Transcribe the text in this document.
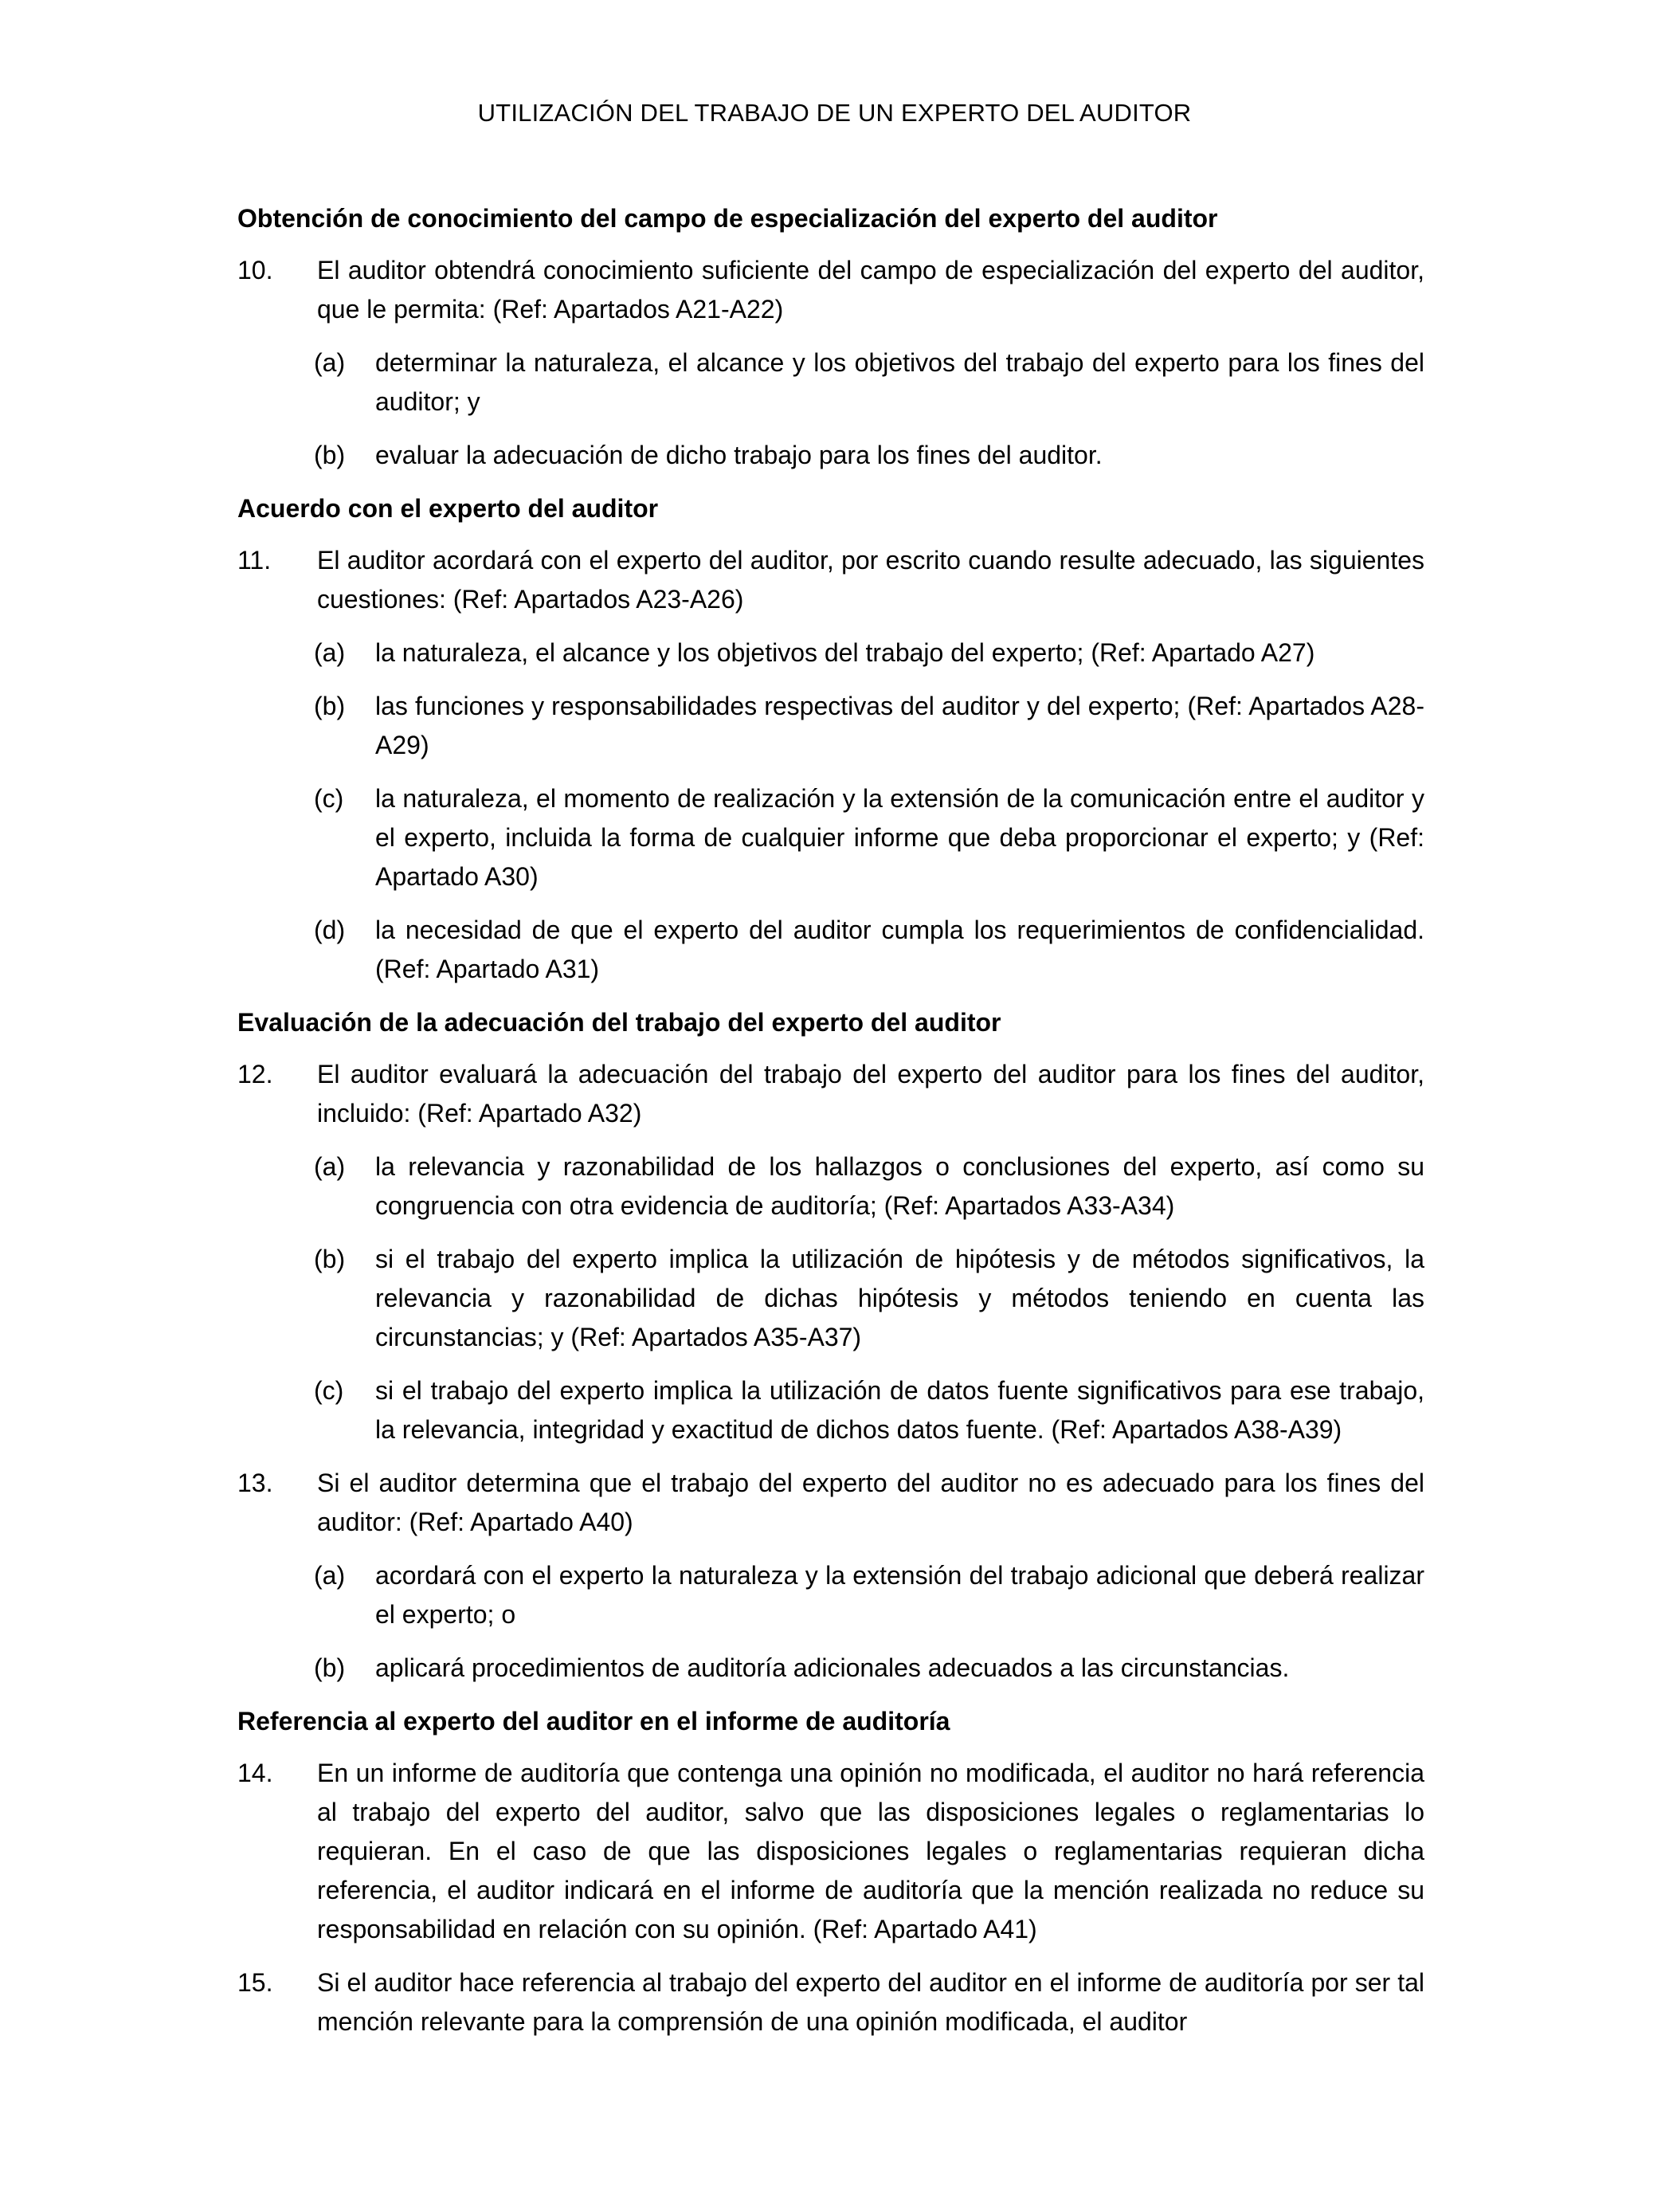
UTILIZACIÓN DEL TRABAJO DE UN EXPERTO DEL AUDITOR
Obtención de conocimiento del campo de especialización del experto del auditor
10. El auditor obtendrá conocimiento suficiente del campo de especialización del experto del auditor, que le permita: (Ref: Apartados A21-A22)
(a) determinar la naturaleza, el alcance y los objetivos del trabajo del experto para los fines del auditor; y
(b) evaluar la adecuación de dicho trabajo para los fines del auditor.
Acuerdo con el experto del auditor
11. El auditor acordará con el experto del auditor, por escrito cuando resulte adecuado, las siguientes cuestiones: (Ref: Apartados A23-A26)
(a) la naturaleza, el alcance y los objetivos del trabajo del experto; (Ref: Apartado A27)
(b) las funciones y responsabilidades respectivas del auditor y del experto; (Ref: Apartados A28-A29)
(c) la naturaleza, el momento de realización y la extensión de la comunicación entre el auditor y el experto, incluida la forma de cualquier informe que deba proporcionar el experto; y (Ref: Apartado A30)
(d) la necesidad de que el experto del auditor cumpla los requerimientos de confidencialidad. (Ref: Apartado A31)
Evaluación de la adecuación del trabajo del experto del auditor
12. El auditor evaluará la adecuación del trabajo del experto del auditor para los fines del auditor, incluido: (Ref: Apartado A32)
(a) la relevancia y razonabilidad de los hallazgos o conclusiones del experto, así como su congruencia con otra evidencia de auditoría; (Ref: Apartados A33-A34)
(b) si el trabajo del experto implica la utilización de hipótesis y de métodos significativos, la relevancia y razonabilidad de dichas hipótesis y métodos teniendo en cuenta las circunstancias; y (Ref: Apartados A35-A37)
(c) si el trabajo del experto implica la utilización de datos fuente significativos para ese trabajo, la relevancia, integridad y exactitud de dichos datos fuente. (Ref: Apartados A38-A39)
13. Si el auditor determina que el trabajo del experto del auditor no es adecuado para los fines del auditor: (Ref: Apartado A40)
(a) acordará con el experto la naturaleza y la extensión del trabajo adicional que deberá realizar el experto; o
(b) aplicará procedimientos de auditoría adicionales adecuados a las circunstancias.
Referencia al experto del auditor en el informe de auditoría
14. En un informe de auditoría que contenga una opinión no modificada, el auditor no hará referencia al trabajo del experto del auditor, salvo que las disposiciones legales o reglamentarias lo requieran. En el caso de que las disposiciones legales o reglamentarias requieran dicha referencia, el auditor indicará en el informe de auditoría que la mención realizada no reduce su responsabilidad en relación con su opinión. (Ref: Apartado A41)
15. Si el auditor hace referencia al trabajo del experto del auditor en el informe de auditoría por ser tal mención relevante para la comprensión de una opinión modificada, el auditor
